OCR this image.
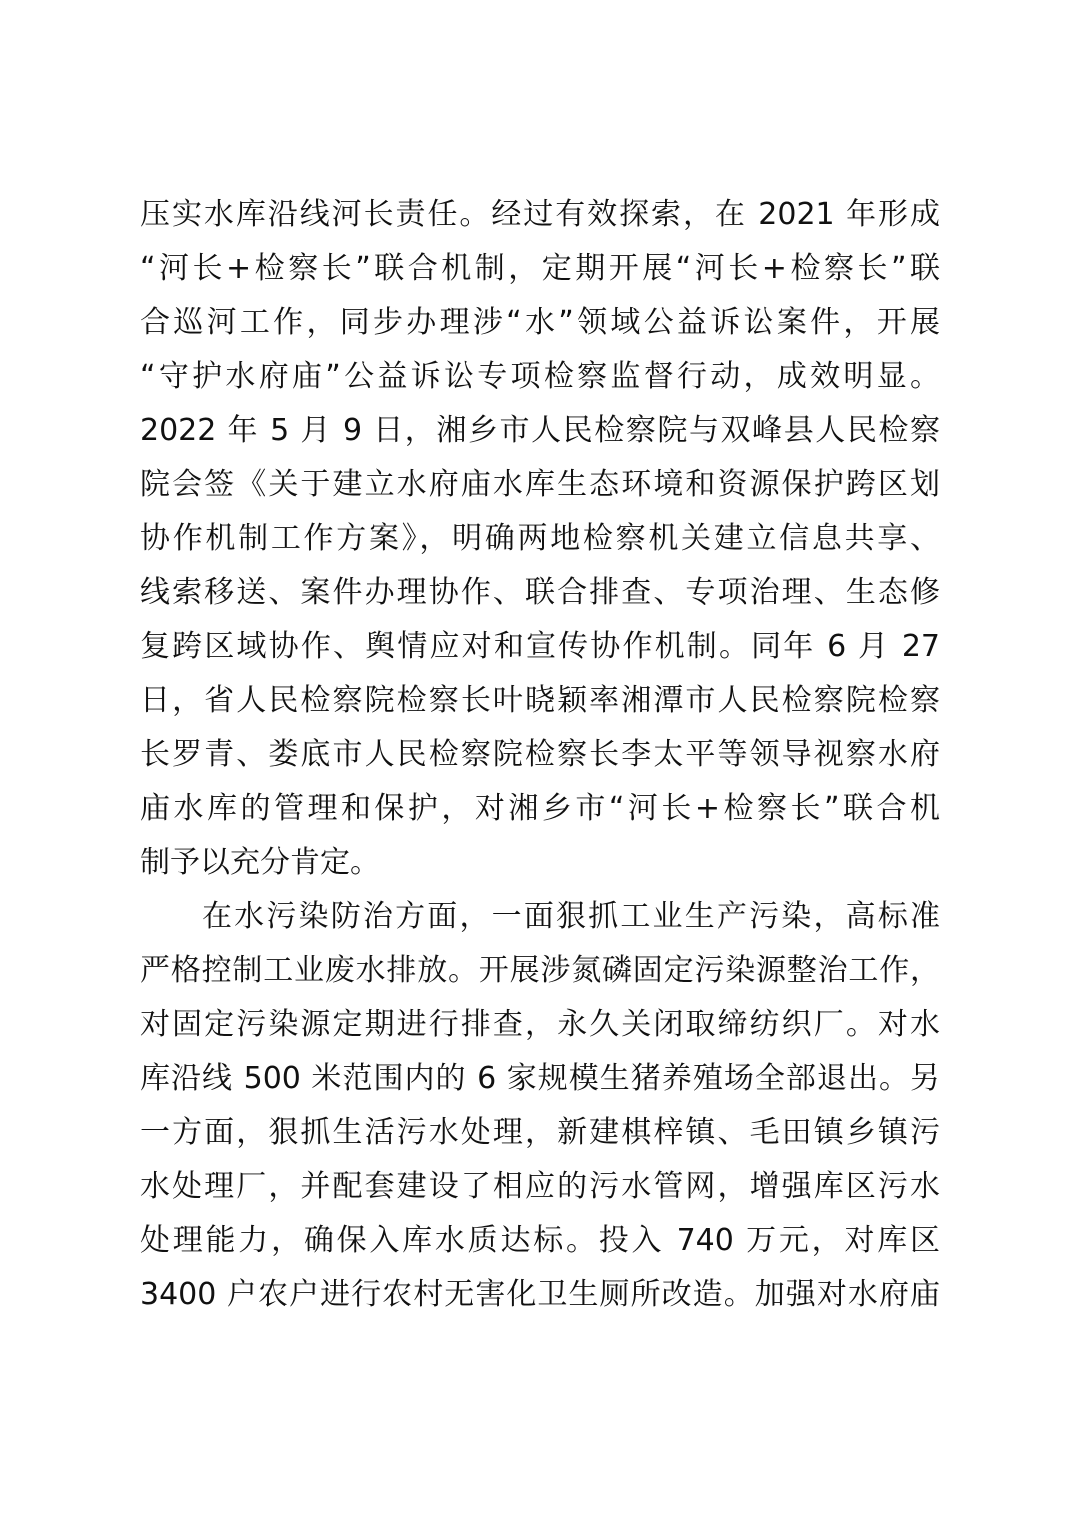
压实水库沿线河长责任。经过有效探索，在 2021 年形成
“河长+检察长”联合机制，定期开展“河长+检察长”联
合巡河工作，同步办理涉“水”领域公益诉讼案件，开展
“守护水府庙”公益诉讼专项检察监督行动，成效明显。
2022 年 5 月 9 日，湘乡市人民检察院与双峰县人民检察
院会签《关于建立水府庙水库生态环境和资源保护跨区划
协作机制工作方案》，明确两地检察机关建立信息共享、
线索移送、案件办理协作、联合排查、专项治理、生态修
复跨区域协作、舆情应对和宣传协作机制。同年 6 月 27
日，省人民检察院检察长叶晓颖率湘潭市人民检察院检察
长罗青、娄底市人民检察院检察长李太平等领导视察水府
庙水库的管理和保护，对湘乡市“河长+检察长”联合机
制予以充分肯定。
在水污染防治方面，一面狠抓工业生产污染，高标准
严格控制工业废水排放。开展涉氮磷固定污染源整治工作，
对固定污染源定期进行排查，永久关闭取缔纺织厂。对水
库沿线 500 米范围内的 6 家规模生猪养殖场全部退出。另
一方面，狠抓生活污水处理，新建棋梓镇、毛田镇乡镇污
水处理厂，并配套建设了相应的污水管网，增强库区污水
处理能力，确保入库水质达标。投入 740 万元，对库区
3400 户农户进行农村无害化卫生厕所改造。加强对水府庙
